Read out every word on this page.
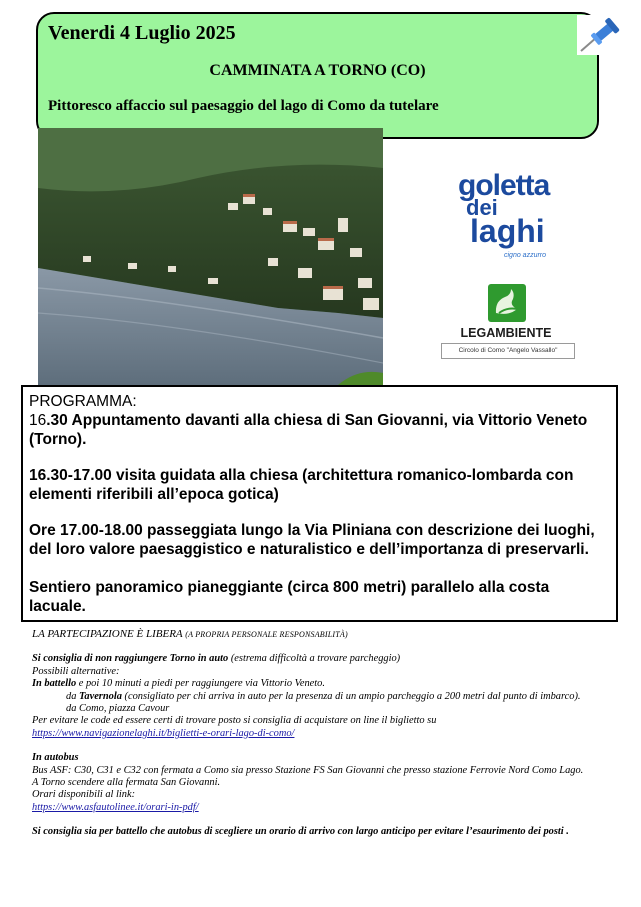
Venerdi 4 Luglio 2025
CAMMINATA A TORNO (CO)
Pittoresco affaccio sul paesaggio del lago di Como da tutelare
goletta
dei
laghi
cigno azzurro
LEGAMBIENTE
Circolo di Como "Angelo Vassallo"
PROGRAMMA:
16.30 Appuntamento davanti alla chiesa di San Giovanni, via Vittorio Veneto (Torno).
16.30-17.00 visita guidata alla chiesa (architettura romanico-lombarda con elementi riferibili all’epoca gotica)
Ore 17.00-18.00 passeggiata lungo la Via Pliniana con descrizione dei luoghi, del loro valore paesaggistico e naturalistico e dell’importanza di preservarli.
Sentiero panoramico pianeggiante (circa 800 metri) parallelo alla costa lacuale.

LA PARTECIPAZIONE È LIBERA (A PROPRIA PERSONALE RESPONSABILITÀ)

Si consiglia di non raggiungere Torno in auto (estrema difficoltà a trovare parcheggio)

Possibili alternative:

In battello e poi 10 minuti a piedi per raggiungere via Vittorio Veneto.

da Tavernola (consigliato per chi arriva in auto per la presenza di un ampio parcheggio a 200 metri dal punto di imbarco).

da Como, piazza Cavour

Per evitare le code ed essere certi di trovare posto si consiglia di acquistare on line il biglietto su

https://www.navigazionelaghi.it/biglietti-e-orari-lago-di-como/

In autobus

Bus ASF: C30, C31 e C32 con fermata a Como sia presso Stazione FS San Giovanni che presso stazione Ferrovie Nord Como Lago.

A Torno scendere alla fermata San Giovanni.

Orari disponibili al link:

https://www.asfautolinee.it/orari-in-pdf/

Si consiglia sia per battello che autobus di scegliere un orario di arrivo con largo anticipo per evitare l’esaurimento dei posti .
